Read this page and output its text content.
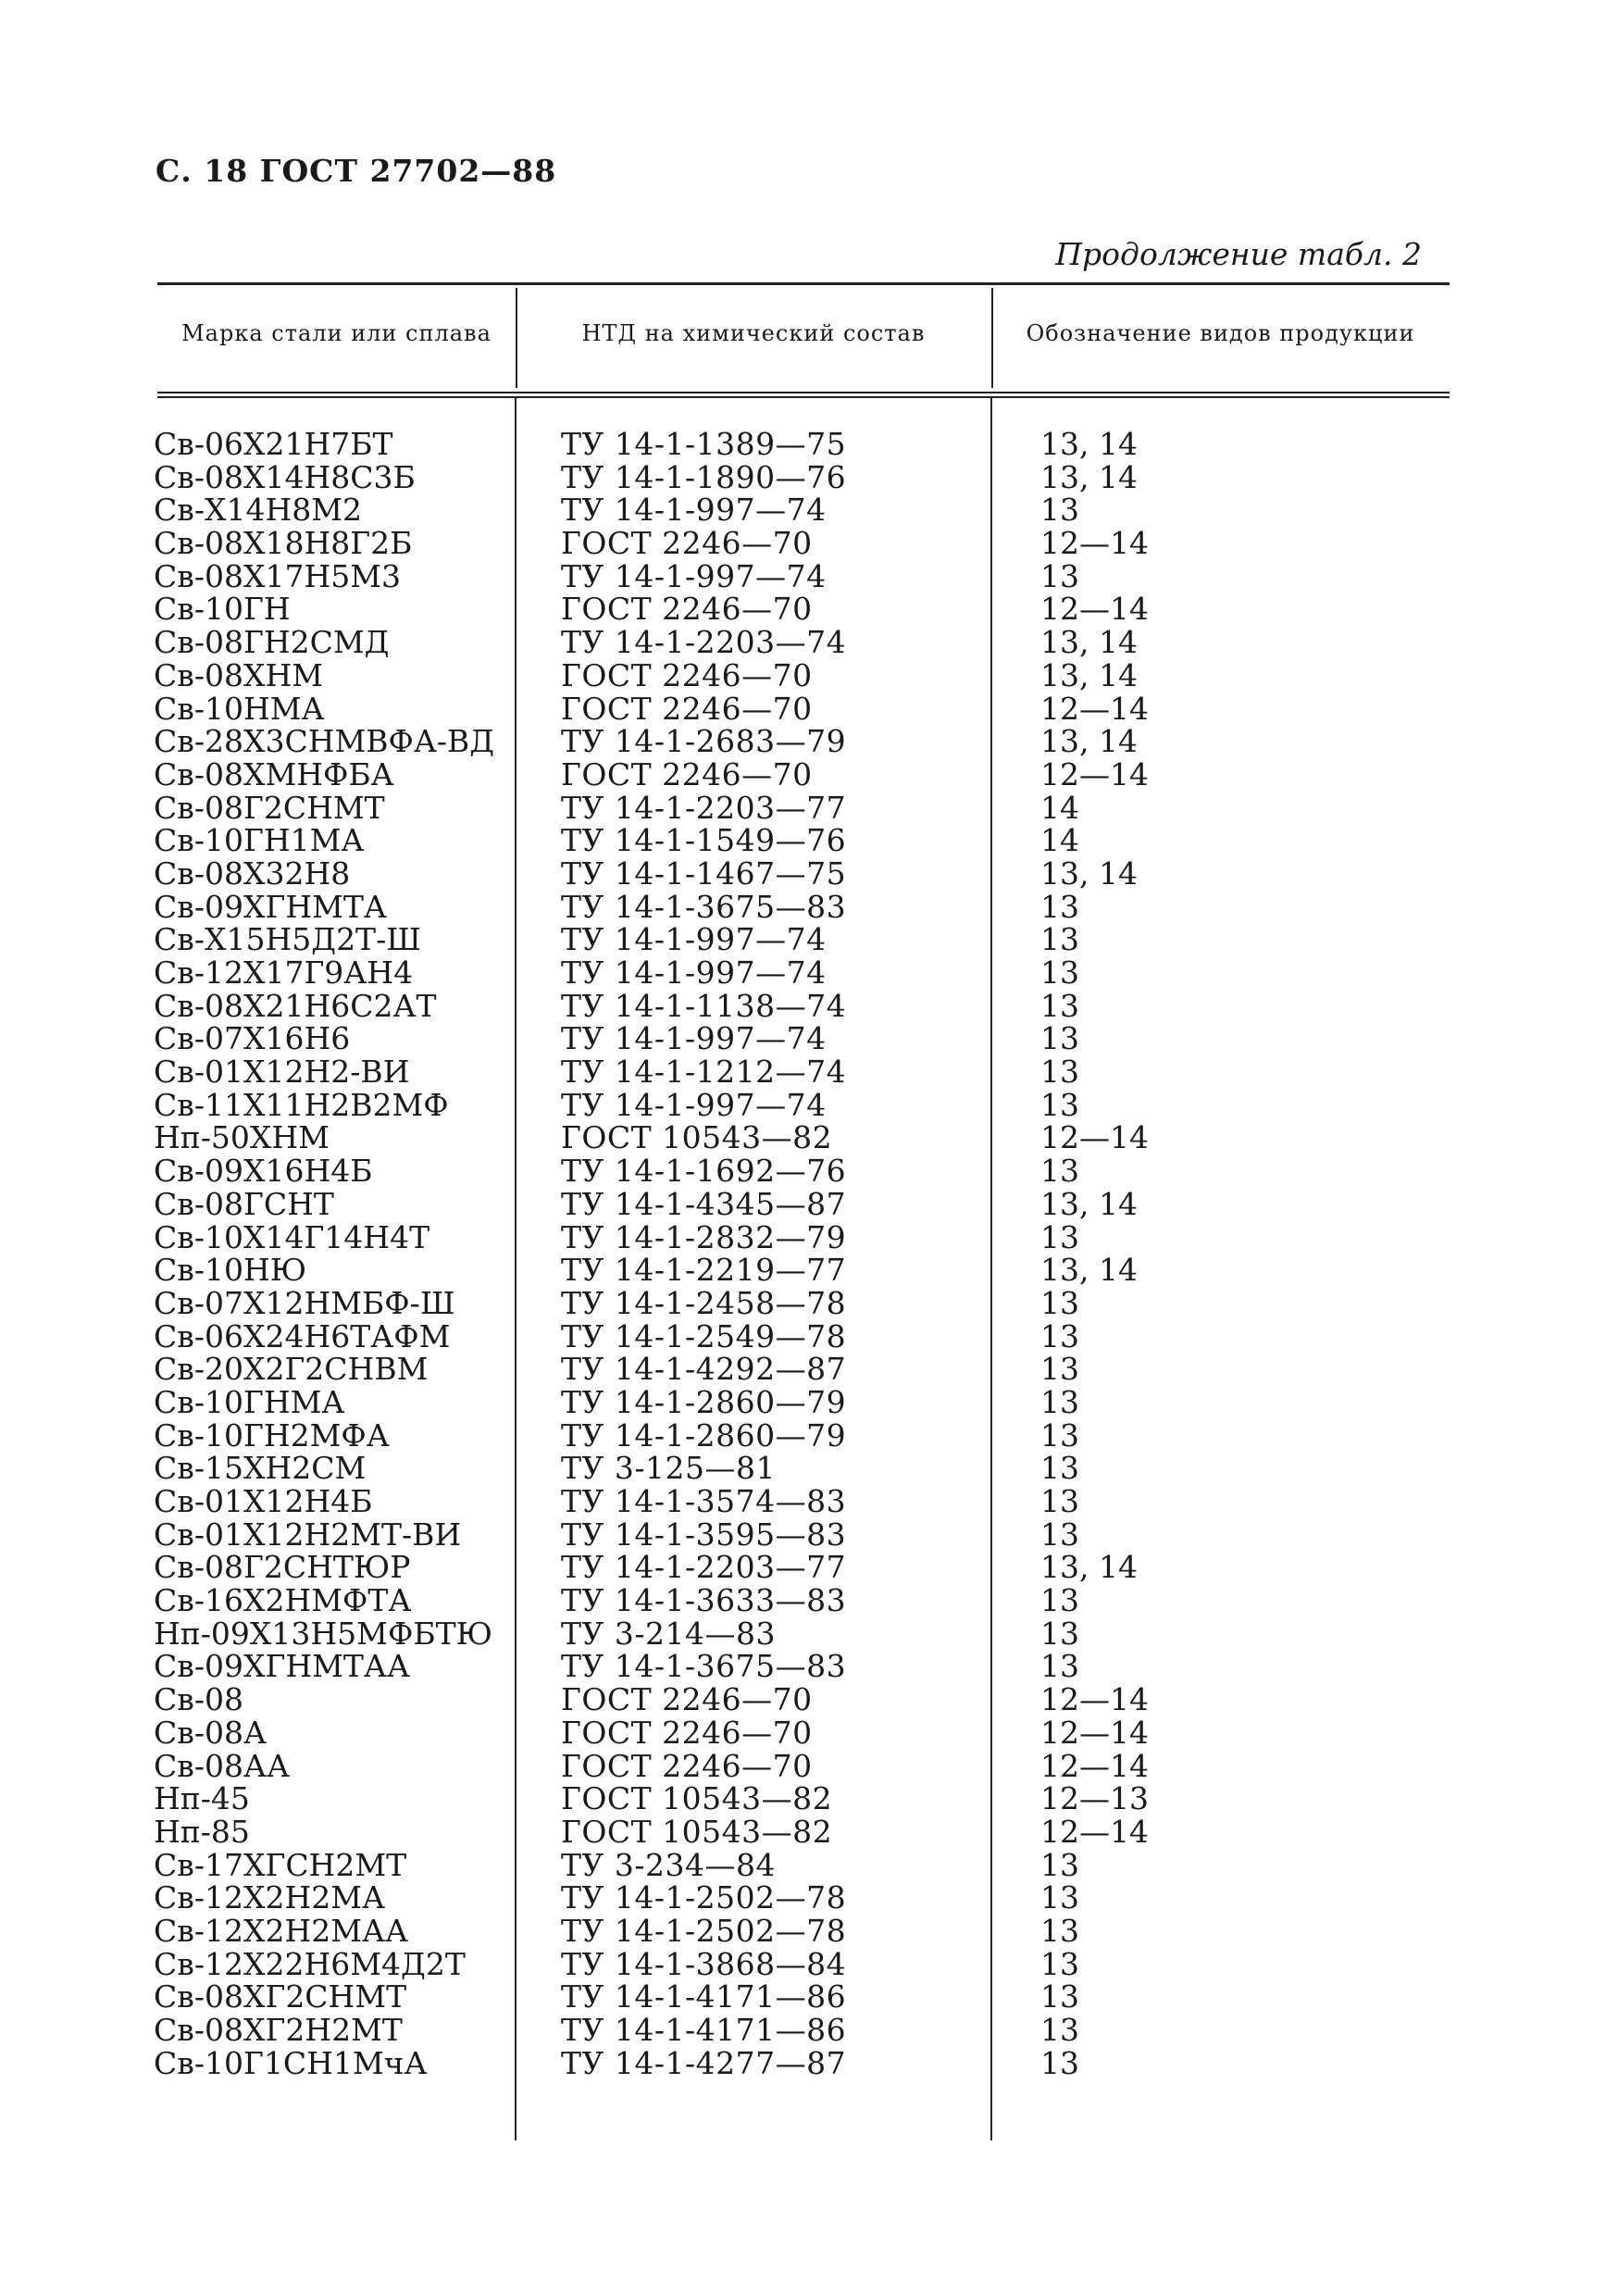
С. 18 ГОСТ 27702—88
Продолжение табл. 2
Марка стали или сплава	НТД на химический состав	Обозначение видов продукции
Св-06Х21Н7БТ	ТУ 14-1-1389—75	13, 14
Св-08Х14Н8С3Б	ТУ 14-1-1890—76	13, 14
Св-Х14Н8М2	ТУ 14-1-997—74	13
Св-08Х18Н8Г2Б	ГОСТ 2246—70	12—14
Св-08Х17Н5М3	ТУ 14-1-997—74	13
Св-10ГН	ГОСТ 2246—70	12—14
Св-08ГН2СМД	ТУ 14-1-2203—74	13, 14
Св-08ХНМ	ГОСТ 2246—70	13, 14
Св-10НМА	ГОСТ 2246—70	12—14
Св-28Х3СНМВФА-ВД ТУ 14-1-2683—79	13, 14
Св-08ХМНФБА	ГОСТ 2246—70	12—14
Св-08Г2СНМТ	ТУ 14-1-2203—77	14
Св-10ГН1МА	ТУ 14-1-1549—76	14
Св-08Х32Н8	ТУ 14-1-1467—75	13, 14
Св-09ХГНМТА	ТУ 14-1-3675—83	13
Св-Х15Н5Д2Т-Ш	ТУ 14-1-997—74	13
Св-12Х17Г9АН4	ТУ 14-1-997—74	13
Св-08Х21Н6С2АТ	ТУ 14-1-1138—74	13
Св-07Х16Н6	ТУ 14-1-997—74	13
Св-01Х12Н2-ВИ	ТУ 14-1-1212—74	13
Св-11Х11Н2В2МФ	ТУ 14-1-997—74	13
Нп-50ХНМ	ГОСТ 10543—82	12—14
Св-09Х16Н4Б	ТУ 14-1-1692—76	13
Св-08ГСНТ	ТУ 14-1-4345—87	13, 14
Св-10Х14Г14Н4Т	ТУ 14-1-2832—79	13
Св-10НЮ	ТУ 14-1-2219—77	13, 14
Св-07Х12НМБФ-Ш	ТУ 14-1-2458—78	13
Св-06Х24Н6ТАФМ	ТУ 14-1-2549—78	13
Св-20Х2Г2СНВМ	ТУ 14-1-4292—87	13
Св-10ГНМА	ТУ 14-1-2860—79	13
Св-10ГН2МФА	ТУ 14-1-2860—79	13
Св-15ХН2СМ	ТУ 3-125—81	13
Св-01Х12Н4Б	ТУ 14-1-3574—83	13
Св-01Х12Н2МТ-ВИ	ТУ 14-1-3595—83	13
Св-08Г2СНТЮР	ТУ 14-1-2203—77	13, 14
Св-16Х2НМФТА	ТУ 14-1-3633—83	13
Нп-09Х13Н5МФБТЮ ТУ 3-214—83	13
Св-09ХГНМТАА	ТУ 14-1-3675—83	13
Св-08	ГОСТ 2246—70	12—14
Св-08А	ГОСТ 2246—70	12—14
Св-08АА	ГОСТ 2246—70	12—14
Нп-45	ГОСТ 10543—82	12—13
Нп-85	ГОСТ 10543—82	12—14
Св-17ХГСН2МТ	ТУ 3-234—84	13
Св-12Х2Н2МА	ТУ 14-1-2502—78	13
Св-12Х2Н2МАА	ТУ 14-1-2502—78	13
Св-12Х22Н6М4Д2Т	ТУ 14-1-3868—84	13
Св-08ХГ2СНМТ	ТУ 14-1-4171—86	13
Св-08ХГ2Н2МТ	ТУ 14-1-4171—86	13
Св-10Г1СН1МчА	ТУ 14-1-4277—87	13
